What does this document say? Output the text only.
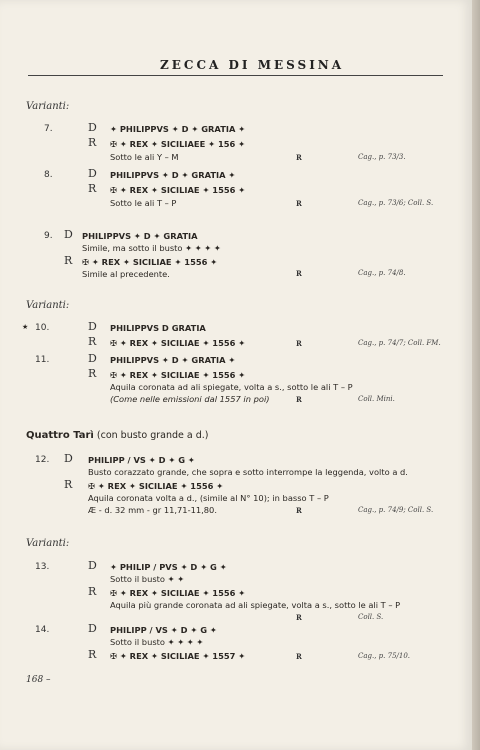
ZECCA DI MESSINA
Varianti:
7.	D ✦ PHILIPPVS ✦ D ✦ GRATIA ✦
R ✠ ✦ REX ✦ SICILIAEE ✦ 156 ✦
Sotto le ali Y – M	R	Cag., p. 73/3.
8.	D PHILIPPVS ✦ D ✦ GRATIA ✦
R ✠ ✦ REX ✦ SICILIAE ✦ 1556 ✦
Sotto le ali T – P	R	Cag., p. 73/6; Coll. S.
9. D PHILIPPVS ✦ D ✦ GRATIA
Simile, ma sotto il busto ✦ ✦ ✦ ✦
R ✠ ✦ REX ✦ SICILIAE ✦ 1556 ✦
Simile al precedente.	R	Cag., p. 74/8.
Varianti:
★ 10.	D PHILIPPVS D GRATIA
R ✠ ✦ REX ✦ SICILIAE ✦ 1556 ✦	R	Cag., p. 74/7; Coll. FM.
11.	D PHILIPPVS ✦ D ✦ GRATIA ✦
R ✠ ✦ REX ✦ SICILIAE ✦ 1556 ✦
Aquila coronata ad ali spiegate, volta a s., sotto le ali T – P
(Come nelle emissioni dal 1557 in poi)	R	Coll. Mini.
Quattro Tarì (con busto grande a d.)
12. D PHILIPP / VS ✦ D ✦ G ✦
Busto corazzato grande, che sopra e sotto interrompe la leggenda, volto a d.
R ✠ ✦ REX ✦ SICILIAE ✦ 1556 ✦
Aquila coronata volta a d., (simile al N° 10); in basso T – P
Æ - d. 32 mm - gr 11,71-11,80.	R	Cag., p. 74/9; Coll. S.
Varianti:
13.	D ✦ PHILIP / PVS ✦ D ✦ G ✦
Sotto il busto ✦ ✦
R ✠ ✦ REX ✦ SICILIAE ✦ 1556 ✦
Aquila più grande coronata ad ali spiegate, volta a s., sotto le ali T – P
R	Coll. S.
14.	D PHILIPP / VS ✦ D ✦ G ✦
Sotto il busto ✦ ✦ ✦ ✦
R ✠ ✦ REX ✦ SICILIAE ✦ 1557 ✦	R	Cag., p. 75/10.
168 –
